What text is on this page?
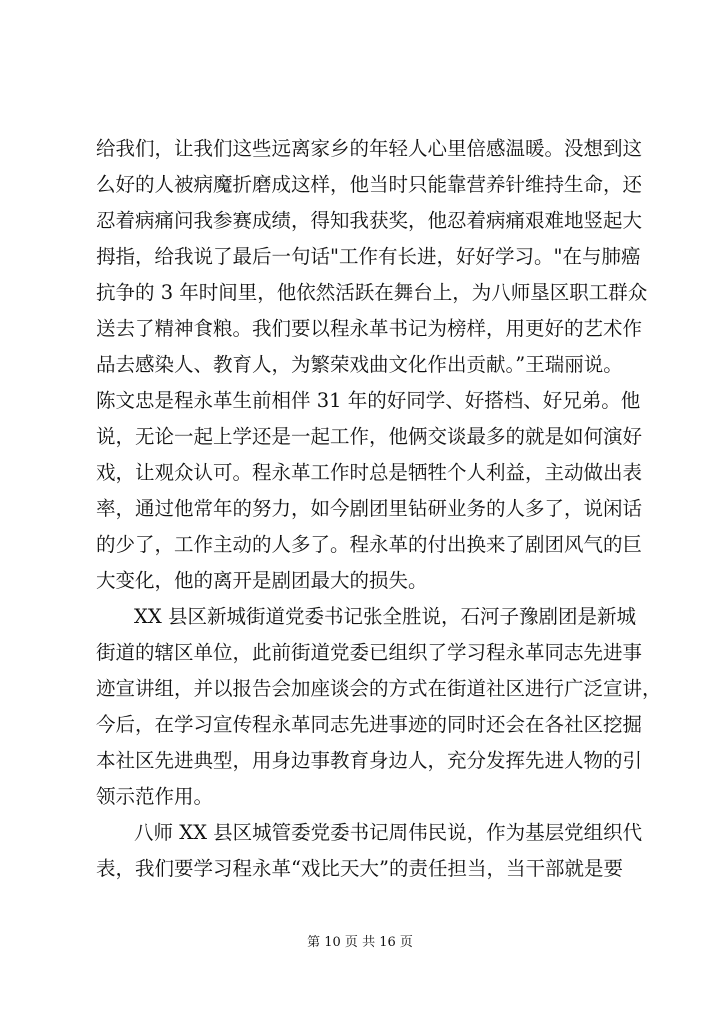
给我们，让我们这些远离家乡的年轻人心里倍感温暖。没想到这
么好的人被病魔折磨成这样，他当时只能靠营养针维持生命，还
忍着病痛问我参赛成绩，得知我获奖，他忍着病痛艰难地竖起大
拇指，给我说了最后一句话"工作有长进，好好学习。"在与肺癌
抗争的 3 年时间里，他依然活跃在舞台上，为八师垦区职工群众
送去了精神食粮。我们要以程永革书记为榜样，用更好的艺术作
品去感染人、教育人，为繁荣戏曲文化作出贡献。”王瑞丽说。
陈文忠是程永革生前相伴 31 年的好同学、好搭档、好兄弟。他
说，无论一起上学还是一起工作，他俩交谈最多的就是如何演好
戏，让观众认可。程永革工作时总是牺牲个人利益，主动做出表
率，通过他常年的努力，如今剧团里钻研业务的人多了，说闲话
的少了，工作主动的人多了。程永革的付出换来了剧团风气的巨
大变化，他的离开是剧团最大的损失。
XX 县区新城街道党委书记张全胜说，石河子豫剧团是新城
街道的辖区单位，此前街道党委已组织了学习程永革同志先进事
迹宣讲组，并以报告会加座谈会的方式在街道社区进行广泛宣讲，
今后，在学习宣传程永革同志先进事迹的同时还会在各社区挖掘
本社区先进典型，用身边事教育身边人，充分发挥先进人物的引
领示范作用。
八师 XX 县区城管委党委书记周伟民说，作为基层党组织代
表，我们要学习程永革“戏比天大”的责任担当，当干部就是要
第 10 页 共 16 页
